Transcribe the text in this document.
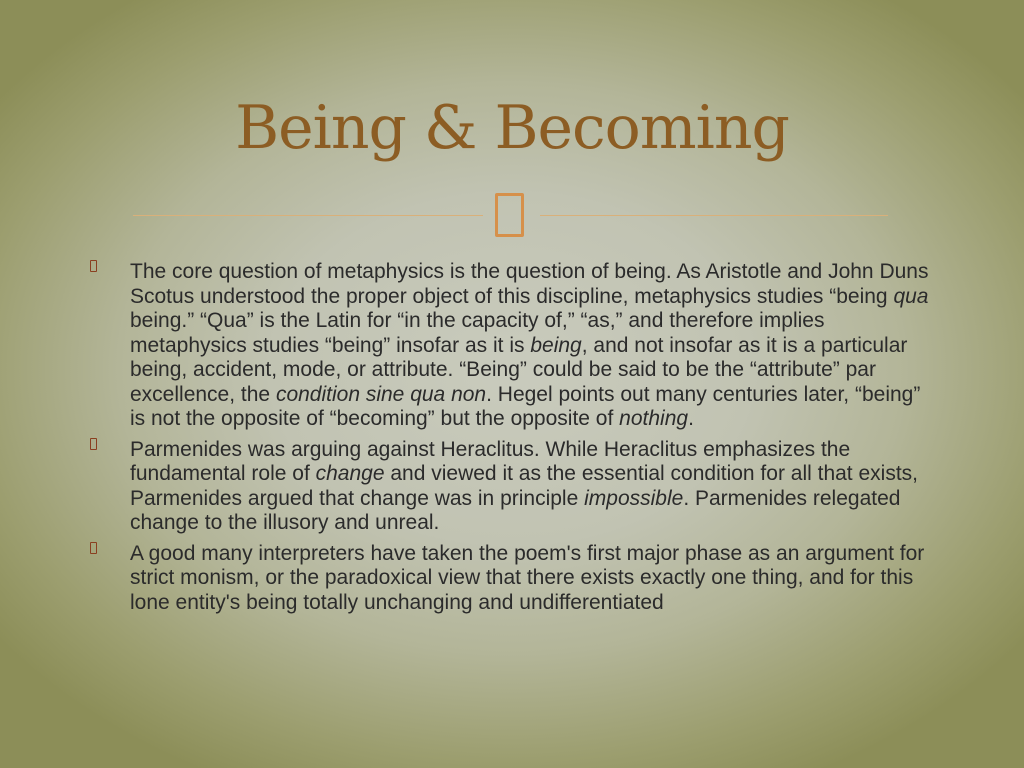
Being & Becoming
The core question of metaphysics is the question of being. As Aristotle and John Duns Scotus understood the proper object of this discipline, metaphysics studies “being qua being.” “Qua” is the Latin for “in the capacity of,” “as,” and therefore implies metaphysics studies “being” insofar as it is being, and not insofar as it is a particular being, accident, mode, or attribute. “Being” could be said to be the “attribute” par excellence, the condition sine qua non. Hegel points out many centuries later, “being” is not the opposite of “becoming” but the opposite of nothing.
Parmenides was arguing against Heraclitus. While Heraclitus emphasizes the fundamental role of change and viewed it as the essential condition for all that exists, Parmenides argued that change was in principle impossible. Parmenides relegated change to the illusory and unreal.
A good many interpreters have taken the poem's first major phase as an argument for strict monism, or the paradoxical view that there exists exactly one thing, and for this lone entity's being totally unchanging and undifferentiated
